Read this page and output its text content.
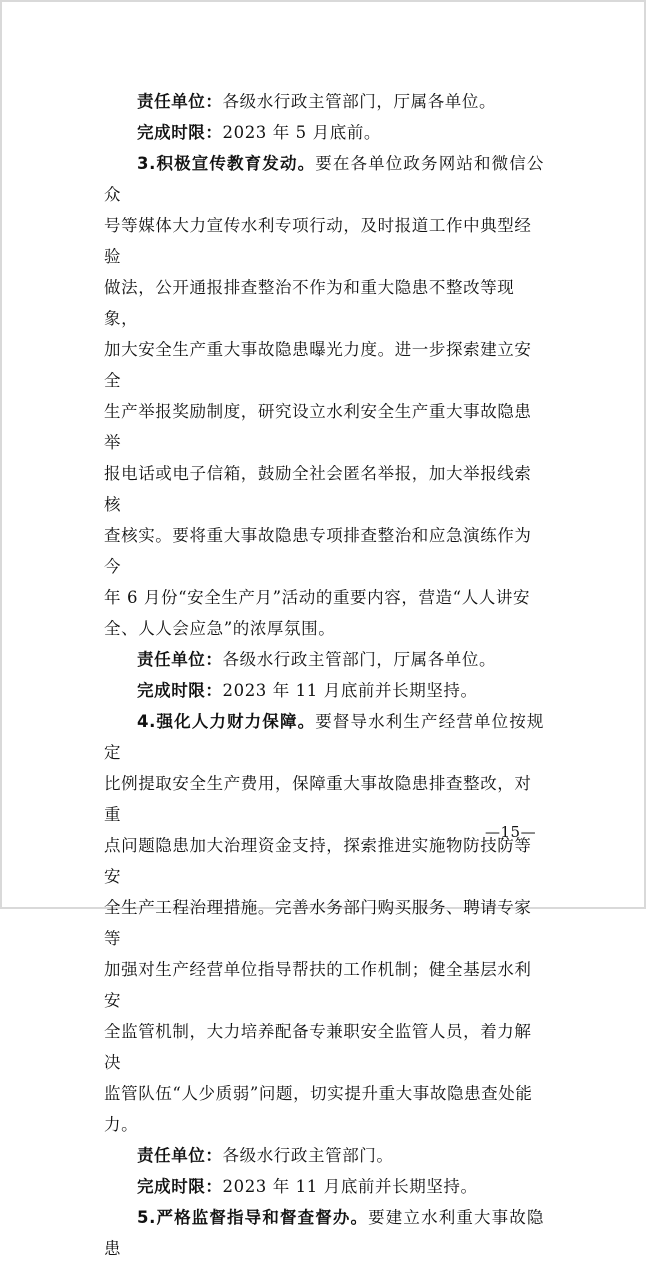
责任单位：各级水行政主管部门，厅属各单位。

完成时限：2023 年 5 月底前。

3.积极宣传教育发动。要在各单位政务网站和微信公众

号等媒体大力宣传水利专项行动，及时报道工作中典型经验
做法，公开通报排查整治不作为和重大隐患不整改等现象，
加大安全生产重大事故隐患曝光力度。进一步探索建立安全
生产举报奖励制度，研究设立水利安全生产重大事故隐患举
报电话或电子信箱，鼓励全社会匿名举报，加大举报线索核
查核实。要将重大事故隐患专项排查整治和应急演练作为今
年 6 月份“安全生产月”活动的重要内容，营造“人人讲安
全、人人会应急”的浓厚氛围。

责任单位：各级水行政主管部门，厅属各单位。

完成时限：2023 年 11 月底前并长期坚持。

4.强化人力财力保障。要督导水利生产经营单位按规定

比例提取安全生产费用，保障重大事故隐患排查整改，对重
点问题隐患加大治理资金支持，探索推进实施物防技防等安
全生产工程治理措施。完善水务部门购买服务、聘请专家等
加强对生产经营单位指导帮扶的工作机制；健全基层水利安
全监管机制，大力培养配备专兼职安全监管人员，着力解决
监管队伍“人少质弱”问题，切实提升重大事故隐患查处能
力。

责任单位：各级水行政主管部门。

完成时限：2023 年 11 月底前并长期坚持。

5.严格监督指导和督查督办。要建立水利重大事故隐患

—15—
